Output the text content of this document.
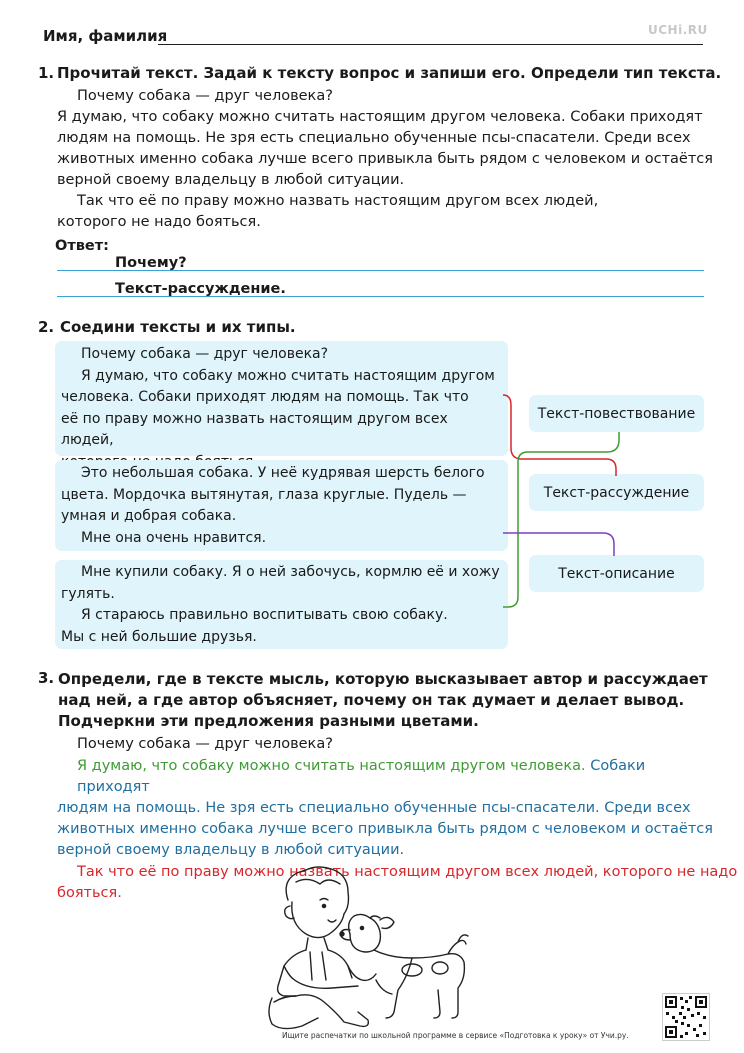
Имя, фамилия	UCHi.RU
1. Прочитай текст. Задай к тексту вопрос и запиши его. Определи тип текста.
Почему собака — друг человека?
Я думаю, что собаку можно считать настоящим другом человека. Собаки приходят
людям на помощь. Не зря есть специально обученные псы-спасатели. Среди всех
животных именно собака лучше всего привыкла быть рядом с человеком и остаётся
верной своему владельцу в любой ситуации.
Так что её по праву можно назвать настоящим другом всех людей,
которого не надо бояться.
Ответ:
Почему?
Текст-рассуждение.
2. Соедини тексты и их типы.

Почему собака — друг человека?

Я думаю, что собаку можно считать настоящим другом

человека. Собаки приходят людям на помощь. Так что

её по праву можно назвать настоящим другом всех людей,

Это небольшая собака. У неё кудрявая шерсть белого

цвета. Мордочка вытянутая, глаза круглые. Пудель —

умная и добрая собака.

Мне она очень нравится.

Мне купили собаку. Я о ней забочусь, кормлю её и хожу

гулять.

Я стараюсь правильно воспитывать свою собаку.

Мы с ней большие друзья.

Текст-повествование
Текст-рассуждение
Текст-описание
3. Определи, где в тексте мысль, которую высказывает автор и рассуждает
над ней, а где автор объясняет, почему он так думает и делает вывод.
Подчеркни эти предложения разными цветами.
Почему собака — друг человека?
Я думаю, что собаку можно считать настоящим другом человека. Собаки приходят
людям на помощь. Не зря есть специально обученные псы-спасатели. Среди всех
животных именно собака лучше всего привыкла быть рядом с человеком и остаётся
верной своему владельцу в любой ситуации.
Так что её по праву можно назвать настоящим другом всех людей, которого не надо
бояться.
Ищите распечатки по школьной программе в сервисе «Подготовка к уроку» от Учи.ру.
